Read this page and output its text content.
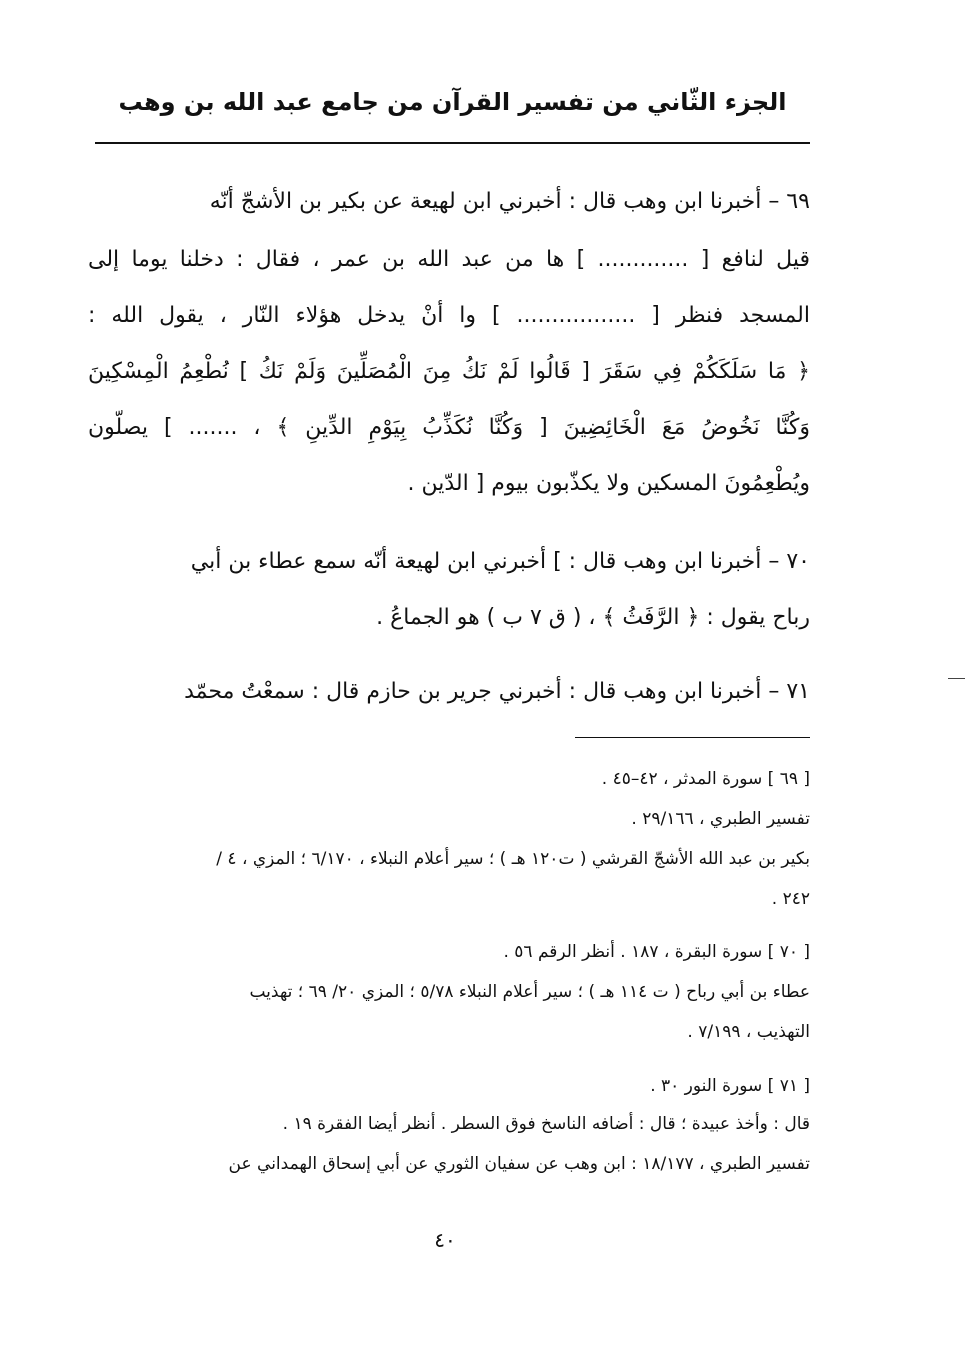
الجزء الثّاني من تفسير القرآن من جامع عبد الله بن وهب
٦٩ – أخبرنا ابن وهب قال : أخبرني ابن لهيعة عن بكير بن الأشجّ أنّه
قيل لنافع [ ............. ] ها من عبد الله بن عمر ، فقال : دخلنا يوما إلى
المسجد فنظر [ ................. ] وا أنْ يدخل هؤلاء النّار ، يقول الله :
﴿ مَا سَلَكَكُمْ فِي سَقَرَ [ قَالُوا لَمْ نَكُ مِنَ الْمُصَلِّينَ وَلَمْ نَكُ ] نُطْعِمُ الْمِسْكِينَ
وَكُنَّا نَخُوضُ مَعَ الْخَائِضِينَ [ وَكُنَّا نُكَذِّبُ بِيَوْمِ الدِّينِ ﴾ ، ....... ] يصلّون
ويُطْعِمُونَ المسكين ولا يكذّبون بيوم [ الدّين .
٧٠ – أخبرنا ابن وهب قال : ] أخبرني ابن لهيعة أنّه سمع عطاء بن أبي
رباح يقول : ﴿ الرَّفَثُ ﴾ ، ( ق ٧ ب ) هو الجماعُ .
٧١ – أخبرنا ابن وهب قال : أخبرني جرير بن حازم قال : سمعْتُ محمّد
[ ٦٩ ] سورة المدثر ، ٤٢–٤٥ .
تفسير الطبري ، ٢٩/١٦٦ .
بكير بن عبد الله الأشجّ القرشي ( ت١٢٠ هـ ) ؛ سير أعلام النبلاء ، ٦/١٧٠ ؛ المزي ، ٤ /
٢٤٢ .
[ ٧٠ ] سورة البقرة ، ١٨٧ . أنظر الرقم ٥٦ .
عطاء بن أبي رباح ( ت ١١٤ هـ ) ؛ سير أعلام النبلاء ٥/٧٨ ؛ المزي ٢٠/ ٦٩ ؛ تهذيب
التهذيب ، ٧/١٩٩ .
[ ٧١ ] سورة النور ٣٠ .
قال : وأخذ عبيدة ؛ قال : أضافه الناسخ فوق السطر . أنظر أيضا الفقرة ١٩ .
تفسير الطبري ، ١٨/١٧٧ : ابن وهب عن سفيان الثوري عن أبي إسحاق الهمداني عن
٤٠
